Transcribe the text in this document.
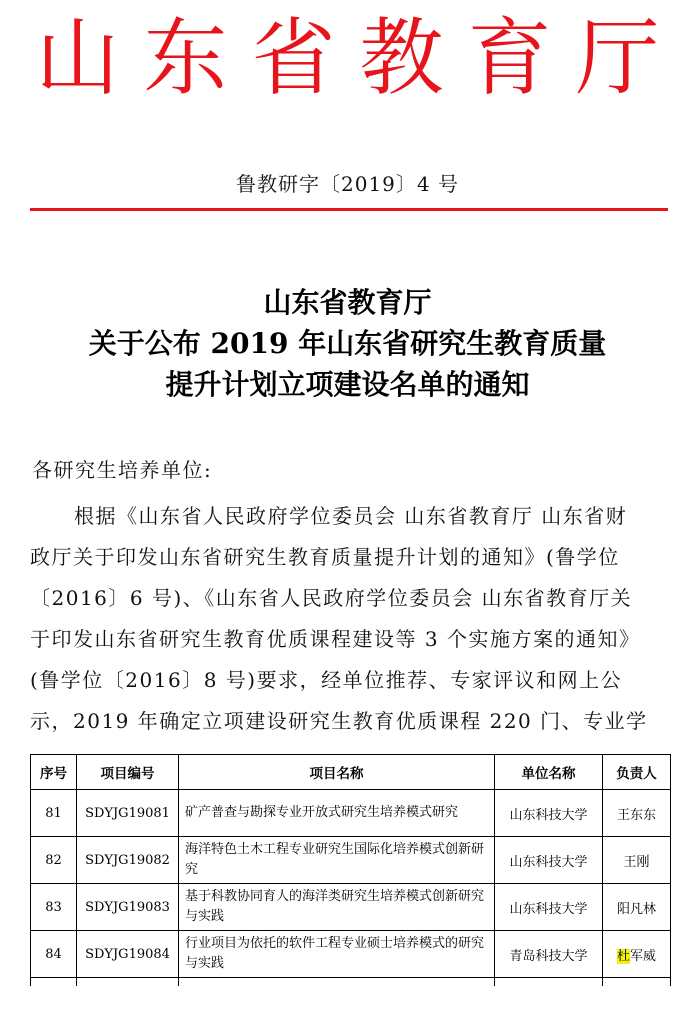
山东省教育厅
鲁教研字〔2019〕4 号
山东省教育厅
关于公布 2019 年山东省研究生教育质量
提升计划立项建设名单的通知
各研究生培养单位:
根据《山东省人民政府学位委员会 山东省教育厅 山东省财
政厅关于印发山东省研究生教育质量提升计划的通知》(鲁学位
〔2016〕6 号)、《山东省人民政府学位委员会 山东省教育厅关
于印发山东省研究生教育优质课程建设等 3 个实施方案的通知》
(鲁学位〔2016〕8 号)要求，经单位推荐、专家评议和网上公
示，2019 年确定立项建设研究生教育优质课程 220 门、专业学
序号	项目编号	项目名称	单位名称	负责人
81	SDYJG19081	矿产普查与勘探专业开放式研究生培养模式研究	山东科技大学	王东东
82	SDYJG19082	海洋特色土木工程专业研究生国际化培养模式创新研究	山东科技大学	王刚
83	SDYJG19083	基于科教协同育人的海洋类研究生培养模式创新研究与实践	山东科技大学	阳凡林
84	SDYJG19084	行业项目为依托的软件工程专业硕士培养模式的研究与实践	青岛科技大学	杜军威
